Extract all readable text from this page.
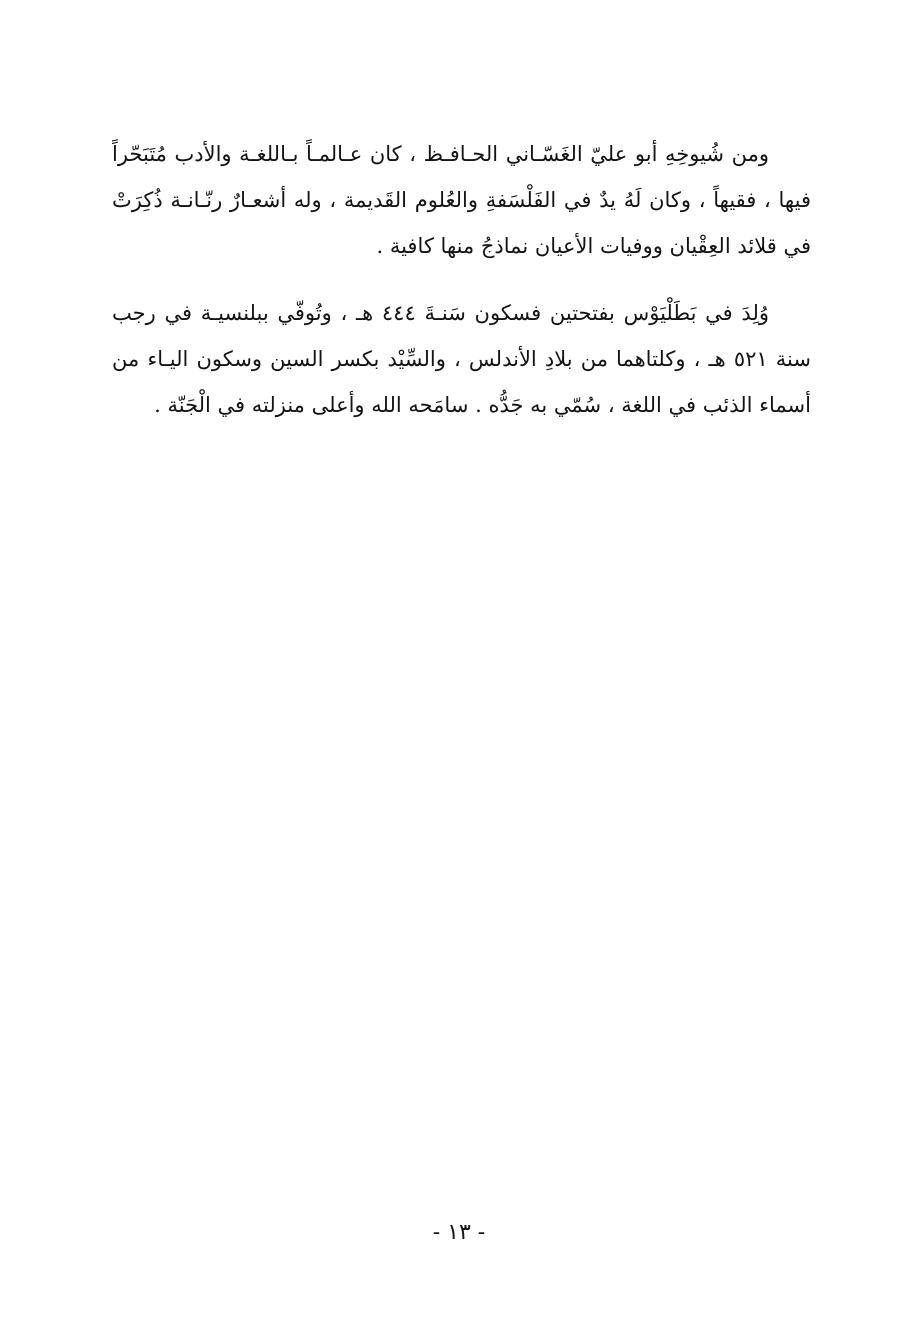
ومن شُيوخِهِ أبو عليّ الغَسّـاني الحـافـظ ، كان عـالمـاً بـاللغـة والأدب مُتَبَحّراً
فيها ، فقيهاً ، وكان لَهُ يدٌ في الفَلْسَفةِ والعُلوم القَديمة ، وله أشعـارٌ رنّـانـة ذُكِرَتْ
في قلائد العِقْيان ووفيات الأعيان نماذجُ منها كافية .
وُلِدَ في بَطَلْيَوْس بفتحتين فسكون سَنـةَ ٤٤٤ هـ ، وتُوفّي ببلنسيـة في رجب
سنة ٥٢١ هـ ، وكلتاهما من بلادِ الأندلس ، والسِّيْد بكسر السين وسكون اليـاء من
أسماء الذئب في اللغة ، سُمّي به جَدُّه . سامَحه الله وأعلى منزلته في الْجَنّة .
- ١٣ -
